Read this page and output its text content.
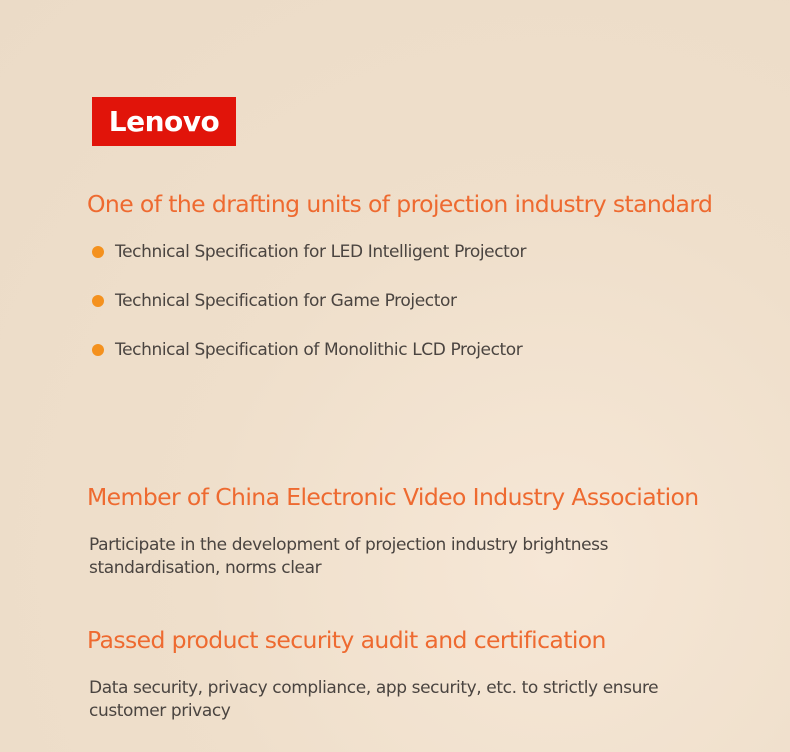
Lenovo
One of the drafting units of projection industry standard
Technical Specification for LED Intelligent Projector
Technical Specification for Game Projector
Technical Specification of Monolithic LCD Projector
Member of China Electronic Video Industry Association

Participate in the development of projection industry brightness
standardisation, norms clear

Passed product security audit and certification

Data security, privacy compliance, app security, etc. to strictly ensure
customer privacy
